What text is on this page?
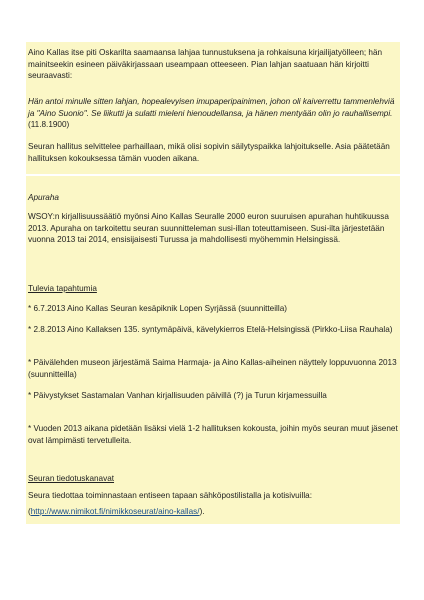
Aino Kallas itse piti Oskarilta saamaansa lahjaa tunnustuksena ja rohkaisuna kirjailijatyölleen; hän mainitseekin esineen päiväkirjassaan useampaan otteeseen. Pian lahjan saatuaan hän kirjoitti seuraavasti:

Hän antoi minulle sitten lahjan, hopealevyisen imupaperipainimen, johon oli kaiverrettu tammenlehviä ja "Aino Suonio". Se liikutti ja sulatti mieleni hienoudellansa, ja hänen mentyään olin jo rauhallisempi. (11.8.1900)

Seuran hallitus selvittelee parhaillaan, mikä olisi sopivin säilytyspaikka lahjoitukselle. Asia päätetään hallituksen kokouksessa tämän vuoden aikana.

Apuraha

WSOY:n kirjallisuussäätiö myönsi Aino Kallas Seuralle 2000 euron suuruisen apurahan huhtikuussa 2013. Apuraha on tarkoitettu seuran suunnitteleman susi-illan toteuttamiseen. Susi-ilta järjestetään vuonna 2013 tai 2014, ensisijaisesti Turussa ja mahdollisesti myöhemmin Helsingissä.

Tulevia tapahtumia

* 6.7.2013 Aino Kallas Seuran kesäpiknik Lopen Syrjässä (suunnitteilla)

* 2.8.2013 Aino Kallaksen 135. syntymäpäivä, kävelykierros Etelä-Helsingissä (Pirkko-Liisa Rauhala)

* Päivälehden museon järjestämä Saima Harmaja- ja Aino Kallas-aiheinen näyttely loppuvuonna 2013 (suunnitteilla)

* Päivystykset Sastamalan Vanhan kirjallisuuden päivillä (?) ja Turun kirjamessuilla

* Vuoden 2013 aikana pidetään lisäksi vielä 1-2 hallituksen kokousta, joihin myös seuran muut jäsenet ovat lämpimästi tervetulleita.

Seuran tiedotuskanavat

Seura tiedottaa toiminnastaan entiseen tapaan sähköpostilistalla ja kotisivuilla:

(http://www.nimikot.fi/nimikkoseurat/aino-kallas/).
